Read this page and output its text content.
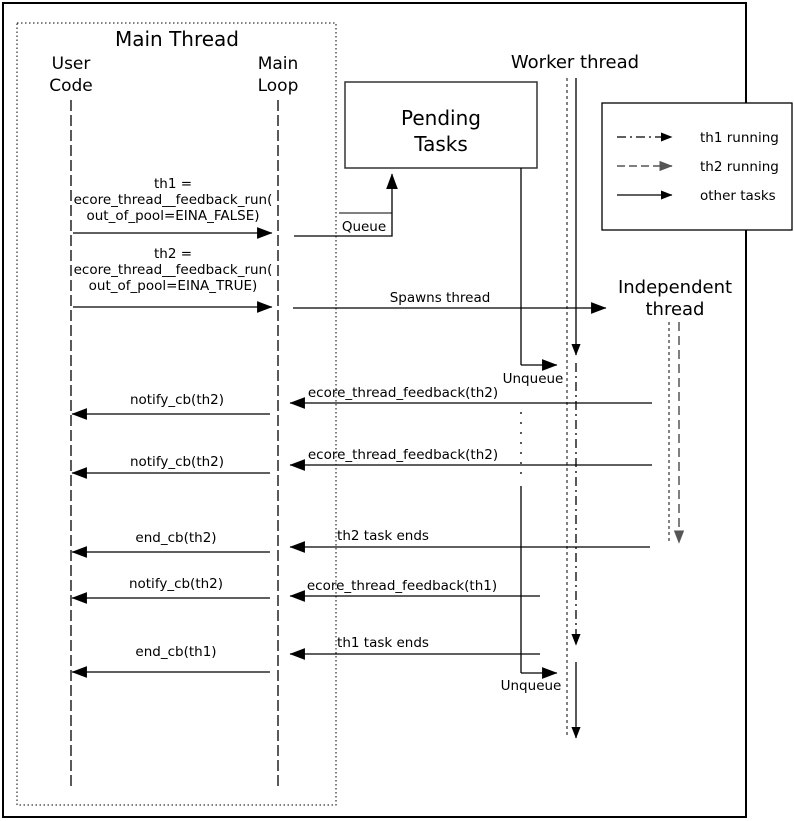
Main Thread
User
Code
Main
Loop
Pending
Tasks
Worker thread
Independent
thread
th1 running
th2 running
other tasks
th1 =
ecore_thread__feedback_run(
out_of_pool=EINA_FALSE)
Queue
th2 =
ecore_thread__feedback_run(
out_of_pool=EINA_TRUE)
Spawns thread
Unqueue
Unqueue
ecore_thread_feedback(th2)
notify_cb(th2)
ecore_thread_feedback(th2)
notify_cb(th2)
th2 task ends
end_cb(th2)
ecore_thread_feedback(th1)
notify_cb(th2)
th1 task ends
end_cb(th1)
